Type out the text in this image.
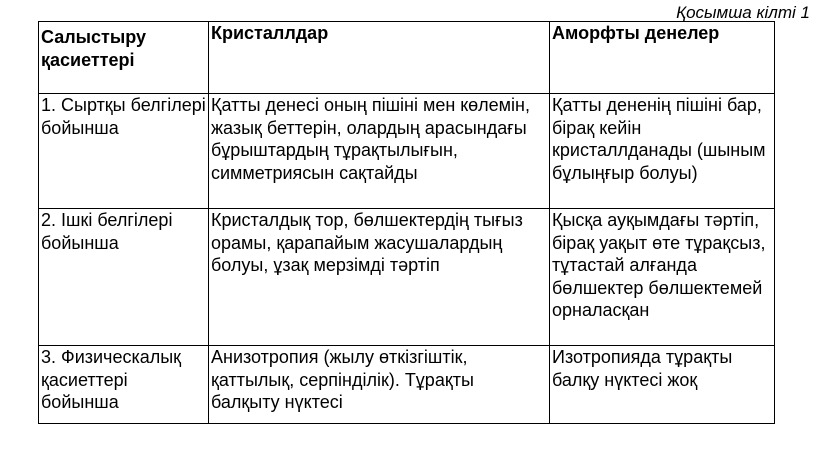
Қосымша кілті 1
Салыстыру қасиеттері	Кристаллдар	Аморфты денелер
1. Сыртқы белгілері бойынша	Қатты денесі оның пішіні мен көлемін, жазық беттерін, олардың арасындағы бұрыштардың тұрақтылығын, симметриясын сақтайды	Қатты дененің пішіні бар, бірақ кейін кристаллданады (шыным бұлыңғыр болуы)
2. Ішкі белгілері бойынша	Кристалдық тор, бөлшектердің тығыз орамы, қарапайым жасушалардың болуы, ұзақ мерзімді тәртіп	Қысқа ауқымдағы тәртіп, бірақ уақыт өте тұрақсыз, тұтастай алғанда бөлшектер бөлшектемей орналасқан
3. Физическалық қасиеттері бойынша	Анизотропия (жылу өткізгіштік, қаттылық, серпінділік). Тұрақты балқыту нүктесі	Изотропияда тұрақты балқу нүктесі жоқ
